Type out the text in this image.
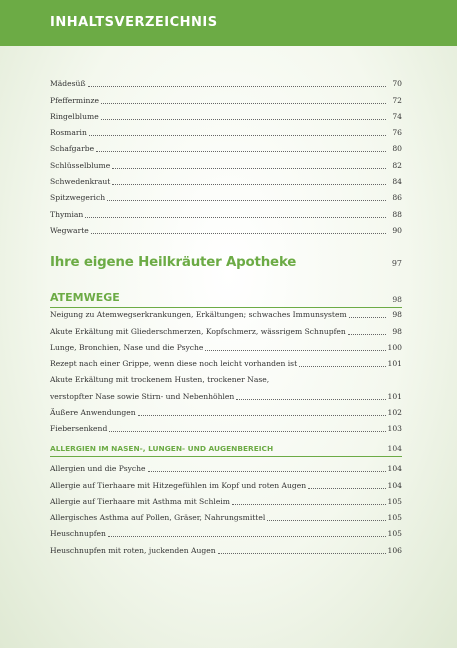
INHALTSVERZEICHNIS
Mädesüß	70
Pfefferminze	72
Ringelblume	74
Rosmarin	76
Schafgarbe	80
Schlüsselblume	82
Schwedenkraut	84
Spitzwegerich	86
Thymian	88
Wegwarte	90
Ihre eigene Heilkräuter Apotheke	97
ATEMWEGE	98
Neigung zu Atemwegserkrankungen, Erkältungen; schwaches Immunsystem	98
Akute Erkältung mit Gliederschmerzen, Kopfschmerz, wässrigem Schnupfen	98
Lunge, Bronchien, Nase und die Psyche	100
Rezept nach einer Grippe, wenn diese noch leicht vorhanden ist	101
Akute Erkältung mit trockenem Husten, trockener Nase,
verstopfter Nase sowie Stirn- und Nebenhöhlen	101
Äußere Anwendungen	102
Fiebersenkend	103
ALLERGIEN IM NASEN-, LUNGEN- UND AUGENBEREICH	104
Allergien und die Psyche	104
Allergie auf Tierhaare mit Hitzegefühlen im Kopf und roten Augen	104
Allergie auf Tierhaare mit Asthma mit Schleim	105
Allergisches Asthma auf Pollen, Gräser, Nahrungsmittel	105
Heuschnupfen	105
Heuschnupfen mit roten, juckenden Augen	106
